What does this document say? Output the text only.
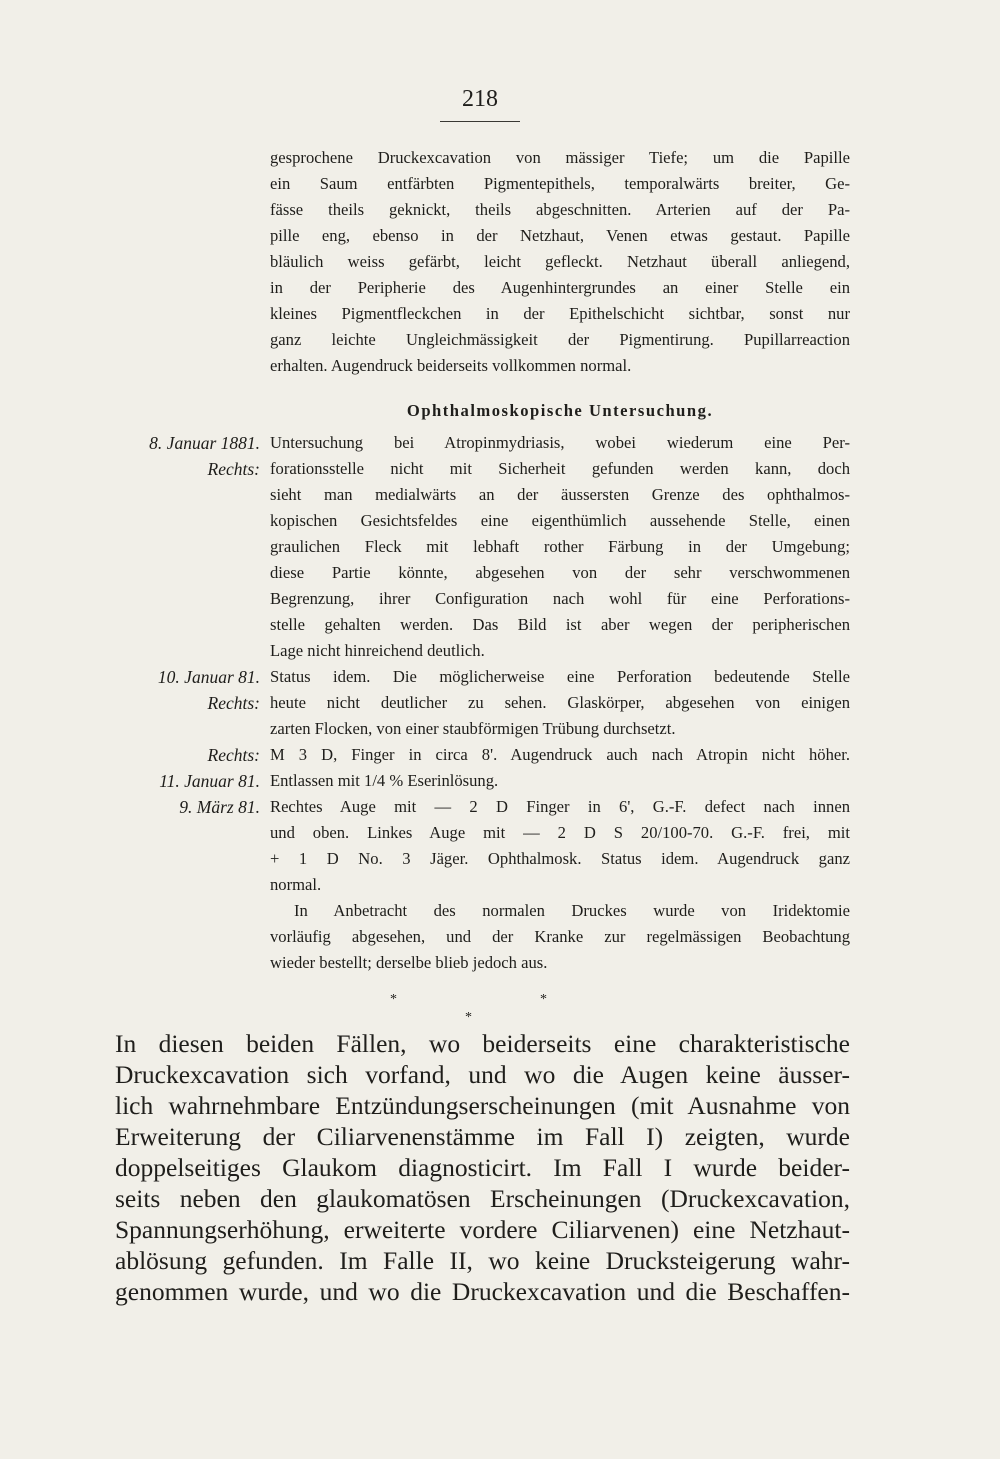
218
gesprochene Druckexcavation von mässiger Tiefe; um die Papille
ein Saum entfärbten Pigmentepithels, temporalwärts breiter, Ge-
fässe theils geknickt, theils abgeschnitten. Arterien auf der Pa-
pille eng, ebenso in der Netzhaut, Venen etwas gestaut. Papille
bläulich weiss gefärbt, leicht gefleckt. Netzhaut überall anliegend,
in der Peripherie des Augenhintergrundes an einer Stelle ein
kleines Pigmentfleckchen in der Epithelschicht sichtbar, sonst nur
ganz leichte Ungleichmässigkeit der Pigmentirung. Pupillarreaction
erhalten. Augendruck beiderseits vollkommen normal.
Ophthalmoskopische Untersuchung.
8. Januar 1881.
Rechts:
Untersuchung bei Atropinmydriasis, wobei wiederum eine Per-
forationsstelle nicht mit Sicherheit gefunden werden kann, doch
sieht man medialwärts an der äussersten Grenze des ophthalmos-
kopischen Gesichtsfeldes eine eigenthümlich aussehende Stelle, einen
graulichen Fleck mit lebhaft rother Färbung in der Umgebung;
diese Partie könnte, abgesehen von der sehr verschwommenen
Begrenzung, ihrer Configuration nach wohl für eine Perforations-
stelle gehalten werden. Das Bild ist aber wegen der peripherischen
Lage nicht hinreichend deutlich.
10. Januar 81.
Rechts:
Status idem. Die möglicherweise eine Perforation bedeutende Stelle
heute nicht deutlicher zu sehen. Glaskörper, abgesehen von einigen
zarten Flocken, von einer staubförmigen Trübung durchsetzt.
Rechts: M 3 D, Finger in circa 8'. Augendruck auch nach Atropin nicht höher.
11. Januar 81. Entlassen mit 1/4 % Eserinlösung.
9. März 81. Rechtes Auge mit — 2 D Finger in 6', G.-F. defect nach innen
und oben. Linkes Auge mit — 2 D S 20/100-70. G.-F. frei, mit
+ 1 D No. 3 Jäger. Ophthalmosk. Status idem. Augendruck ganz
normal.
In Anbetracht des normalen Druckes wurde von Iridektomie
vorläufig abgesehen, und der Kranke zur regelmässigen Beobachtung
wieder bestellt; derselbe blieb jedoch aus.
*
*
*
In diesen beiden Fällen, wo beiderseits eine charakteristische
Druckexcavation sich vorfand, und wo die Augen keine äusser-
lich wahrnehmbare Entzündungserscheinungen (mit Ausnahme von
Erweiterung der Ciliarvenenstämme im Fall I) zeigten, wurde
doppelseitiges Glaukom diagnosticirt. Im Fall I wurde beider-
seits neben den glaukomatösen Erscheinungen (Druckexcavation,
Spannungserhöhung, erweiterte vordere Ciliarvenen) eine Netzhaut-
ablösung gefunden. Im Falle II, wo keine Drucksteigerung wahr-
genommen wurde, und wo die Druckexcavation und die Beschaffen-
